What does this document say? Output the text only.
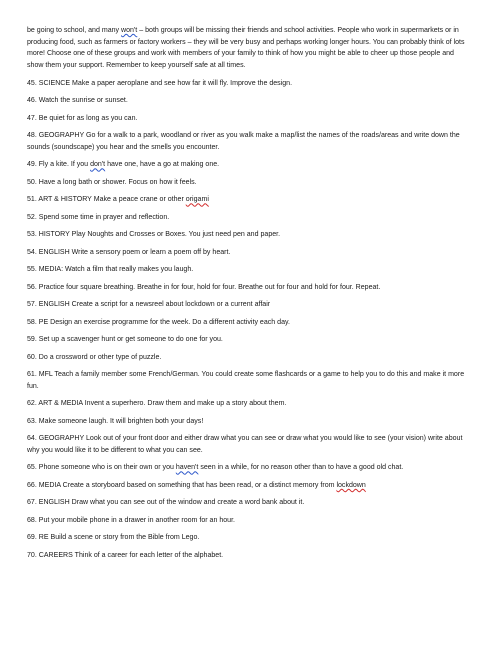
be going to school, and many won't – both groups will be missing their friends and school activities. People who work in supermarkets or in producing food, such as farmers or factory workers – they will be very busy and perhaps working longer hours. You can probably think of lots more! Choose one of these groups and work with members of your family to think of how you might be able to cheer up those people and show them your support. Remember to keep yourself safe at all times.

45. SCIENCE Make a paper aeroplane and see how far it will fly. Improve the design.

46. Watch the sunrise or sunset.

47. Be quiet for as long as you can.

48. GEOGRAPHY Go for a walk to a park, woodland or river as you walk make a map/list the names of the roads/areas and write down the sounds (soundscape) you hear and the smells you encounter.

49. Fly a kite. If you don't have one, have a go at making one.

50. Have a long bath or shower. Focus on how it feels.

51. ART & HISTORY Make a peace crane or other origami

52. Spend some time in prayer and reflection.

53. HISTORY Play Noughts and Crosses or Boxes. You just need pen and paper.

54. ENGLISH Write a sensory poem or learn a poem off by heart.

55. MEDIA: Watch a film that really makes you laugh.

56. Practice four square breathing. Breathe in for four, hold for four. Breathe out for four and hold for four. Repeat.

57. ENGLISH Create a script for a newsreel about lockdown or a current affair

58. PE Design an exercise programme for the week. Do a different activity each day.

59. Set up a scavenger hunt or get someone to do one for you.

60. Do a crossword or other type of puzzle.

61. MFL Teach a family member some French/German. You could create some flashcards or a game to help you to do this and make it more fun.

62. ART & MEDIA Invent a superhero. Draw them and make up a story about them.

63. Make someone laugh. It will brighten both your days!

64. GEOGRAPHY Look out of your front door and either draw what you can see or draw what you would like to see (your vision) write about why you would like it to be different to what you can see.

65. Phone someone who is on their own or you haven't seen in a while, for no reason other than to have a good old chat.

66. MEDIA Create a storyboard based on something that has been read, or a distinct memory from lockdown

67. ENGLISH Draw what you can see out of the window and create a word bank about it.

68. Put your mobile phone in a drawer in another room for an hour.

69. RE Build a scene or story from the Bible from Lego.

70. CAREERS Think of a career for each letter of the alphabet.
